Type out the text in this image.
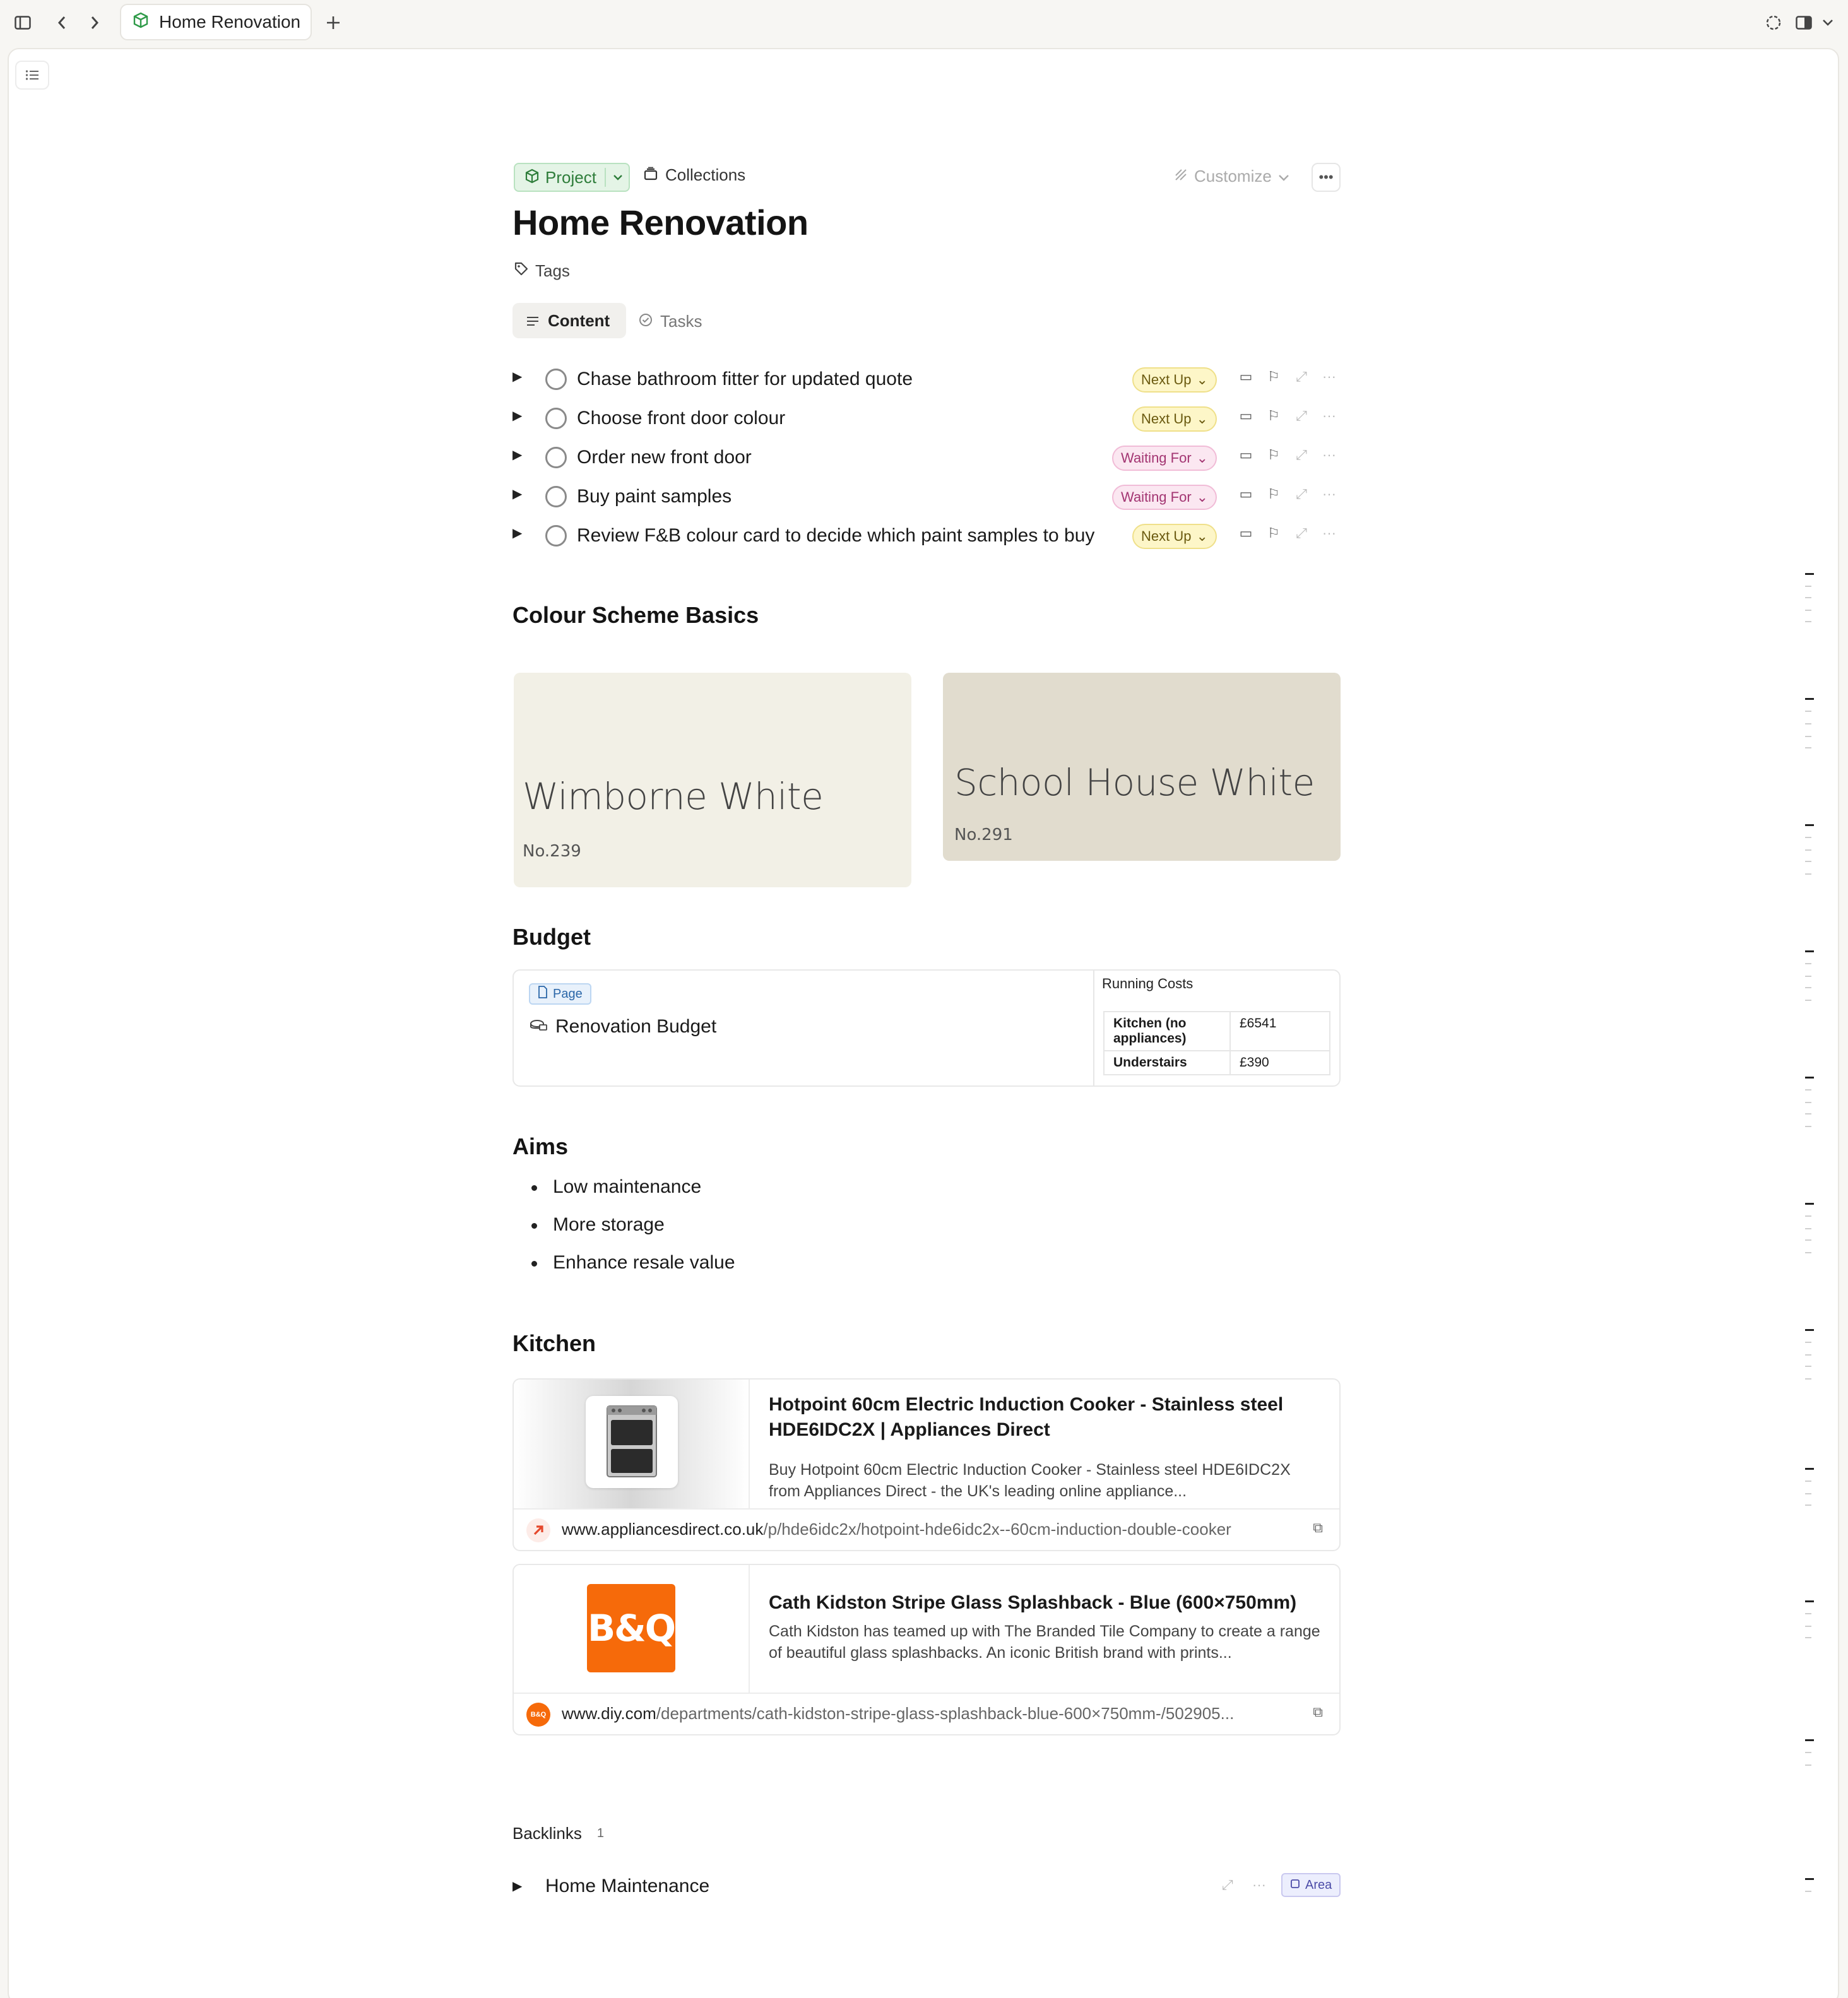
Home Renovation
Project	Collections	Customize	•••
Home Renovation
Tags
Content	Tasks
▶	Chase bathroom fitter for updated quote	Next Up ⌄	▭	⚐	⤢	···
▶	Choose front door colour	Next Up ⌄	▭	⚐	⤢	···
▶	Order new front door	Waiting For ⌄	▭	⚐	⤢	···
▶	Buy paint samples	Waiting For ⌄	▭	⚐	⤢	···
▶	Review F&B colour card to decide which paint samples to buy	Next Up ⌄	▭	⚐	⤢	···
Colour Scheme Basics
Wimborne White
No.239
School House White
No.291
Budget
Page
Renovation Budget
Running Costs
Kitchen (no appliances)	£6541
Understairs	£390
Aims
Low maintenance
More storage
Enhance resale value
Kitchen
Hotpoint 60cm Electric Induction Cooker - Stainless steel HDE6IDC2X | Appliances Direct
Buy Hotpoint 60cm Electric Induction Cooker - Stainless steel HDE6IDC2X from Appliances Direct - the UK's leading online appliance...
www.appliancesdirect.co.uk/p/hde6idc2x/hotpoint-hde6idc2x--60cm-induction-double-cooker	⧉
B&Q
Cath Kidston Stripe Glass Splashback - Blue (600×750mm)
Cath Kidston has teamed up with The Branded Tile Company to create a range of beautiful glass splashbacks. An iconic British brand with prints...
B&Q www.diy.com/departments/cath-kidston-stripe-glass-splashback-blue-600×750mm-/502905...	⧉
Backlinks 1
▶ Home Maintenance	⤢ ···	Area
